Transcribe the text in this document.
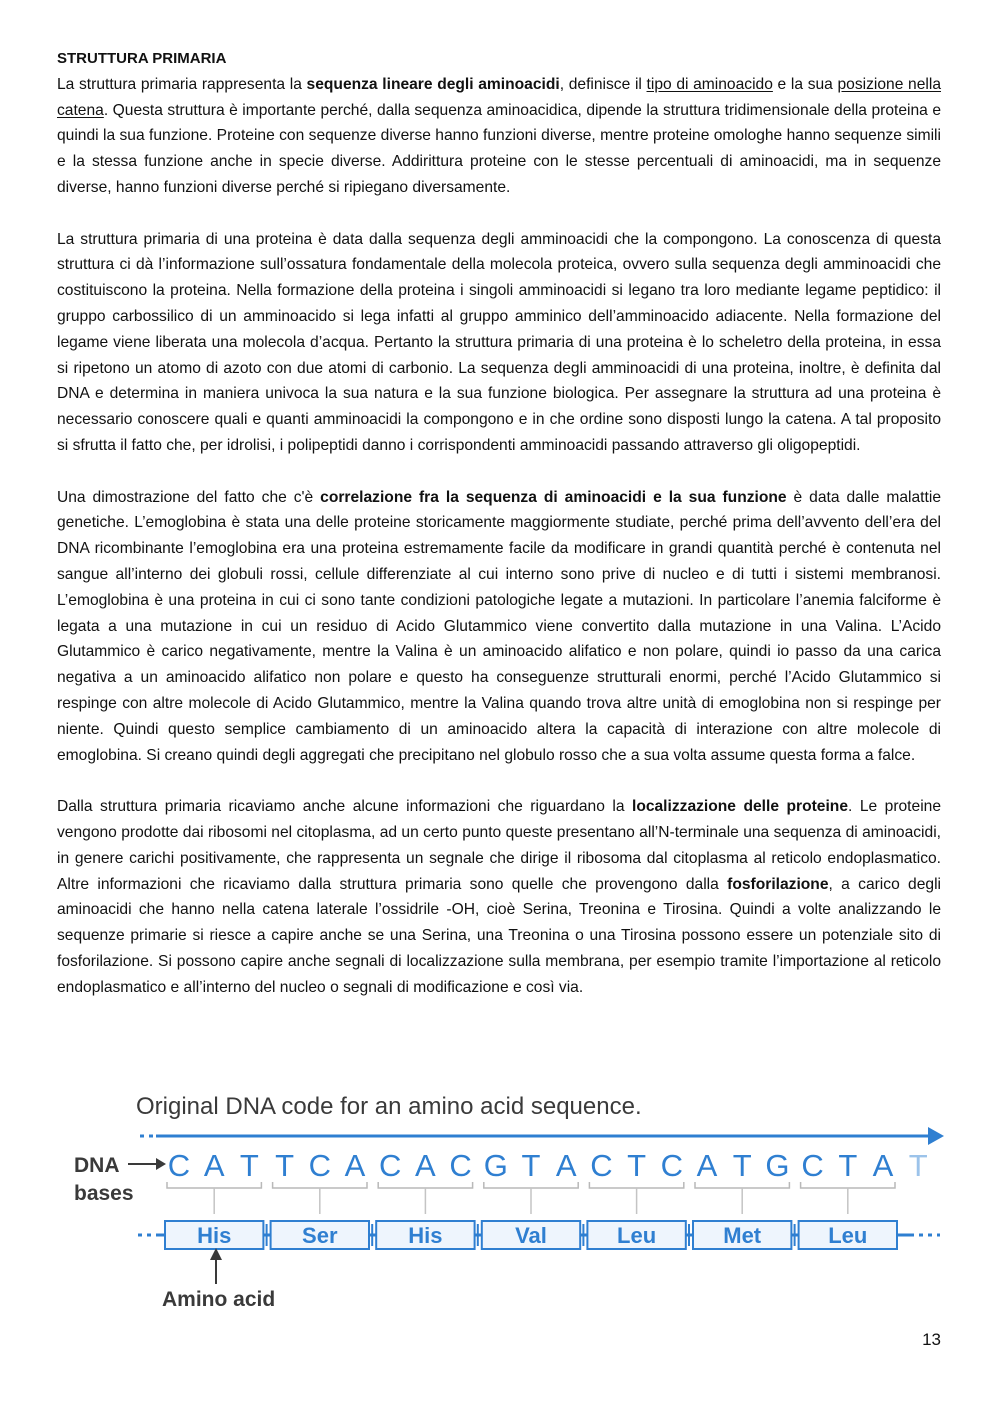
STRUTTURA PRIMARIA

La struttura primaria rappresenta la sequenza lineare degli aminoacidi, definisce il tipo di aminoacido e la sua posizione nella catena. Questa struttura è importante perché, dalla sequenza aminoacidica, dipende la struttura tridimensionale della proteina e quindi la sua funzione. Proteine con sequenze diverse hanno funzioni diverse, mentre proteine omologhe hanno sequenze simili e la stessa funzione anche in specie diverse. Addirittura proteine con le stesse percentuali di aminoacidi, ma in sequenze diverse, hanno funzioni diverse perché si ripiegano diversamente.

La struttura primaria di una proteina è data dalla sequenza degli amminoacidi che la compongono. La conoscenza di questa struttura ci dà l’informazione sull’ossatura fondamentale della molecola proteica, ovvero sulla sequenza degli amminoacidi che costituiscono la proteina. Nella formazione della proteina i singoli amminoacidi si legano tra loro mediante legame peptidico: il gruppo carbossilico di un amminoacido si lega infatti al gruppo amminico dell’amminoacido adiacente. Nella formazione del legame viene liberata una molecola d’acqua. Pertanto la struttura primaria di una proteina è lo scheletro della proteina, in essa si ripetono un atomo di azoto con due atomi di carbonio. La sequenza degli amminoacidi di una proteina, inoltre, è definita dal DNA e determina in maniera univoca la sua natura e la sua funzione biologica. Per assegnare la struttura ad una proteina è necessario conoscere quali e quanti amminoacidi la compongono e in che ordine sono disposti lungo la catena. A tal proposito si sfrutta il fatto che, per idrolisi, i polipeptidi danno i corrispondenti amminoacidi passando attraverso gli oligopeptidi.

Una dimostrazione del fatto che c'è correlazione fra la sequenza di aminoacidi e la sua funzione è data dalle malattie genetiche. L’emoglobina è stata una delle proteine storicamente maggiormente studiate, perché prima dell’avvento dell’era del DNA ricombinante l’emoglobina era una proteina estremamente facile da modificare in grandi quantità perché è contenuta nel sangue all’interno dei globuli rossi, cellule differenziate al cui interno sono prive di nucleo e di tutti i sistemi membranosi. L’emoglobina è una proteina in cui ci sono tante condizioni patologiche legate a mutazioni. In particolare l’anemia falciforme è legata a una mutazione in cui un residuo di Acido Glutammico viene convertito dalla mutazione in una Valina. L’Acido Glutammico è carico negativamente, mentre la Valina è un aminoacido alifatico e non polare, quindi io passo da una carica negativa a un aminoacido alifatico non polare e questo ha conseguenze strutturali enormi, perché l’Acido Glutammico si respinge con altre molecole di Acido Glutammico, mentre la Valina quando trova altre unità di emoglobina non si respinge per niente. Quindi questo semplice cambiamento di un aminoacido altera la capacità di interazione con altre molecole di emoglobina. Si creano quindi degli aggregati che precipitano nel globulo rosso che a sua volta assume questa forma a falce.

Dalla struttura primaria ricaviamo anche alcune informazioni che riguardano la localizzazione delle proteine. Le proteine vengono prodotte dai ribosomi nel citoplasma, ad un certo punto queste presentano all’N-terminale una sequenza di aminoacidi, in genere carichi positivamente, che rappresenta un segnale che dirige il ribosoma dal citoplasma al reticolo endoplasmatico. Altre informazioni che ricaviamo dalla struttura primaria sono quelle che provengono dalla fosforilazione, a carico degli aminoacidi che hanno nella catena laterale l’ossidrile -OH, cioè Serina, Treonina e Tirosina. Quindi a volte analizzando le sequenze primarie si riesce a capire anche se una Serina, una Treonina o una Tirosina possono essere un potenziale sito di fosforilazione. Si possono capire anche segnali di localizzazione sulla membrana, per esempio tramite l’importazione al reticolo endoplasmatico e all’interno del nucleo o segnali di modificazione e così via.

Original DNA code for an amino acid sequence.
DNA
bases
C A T T C A C A C G T A C T C A T G C T A T
His	Ser	His	Val	Leu	Met	Leu
Amino acid
13
